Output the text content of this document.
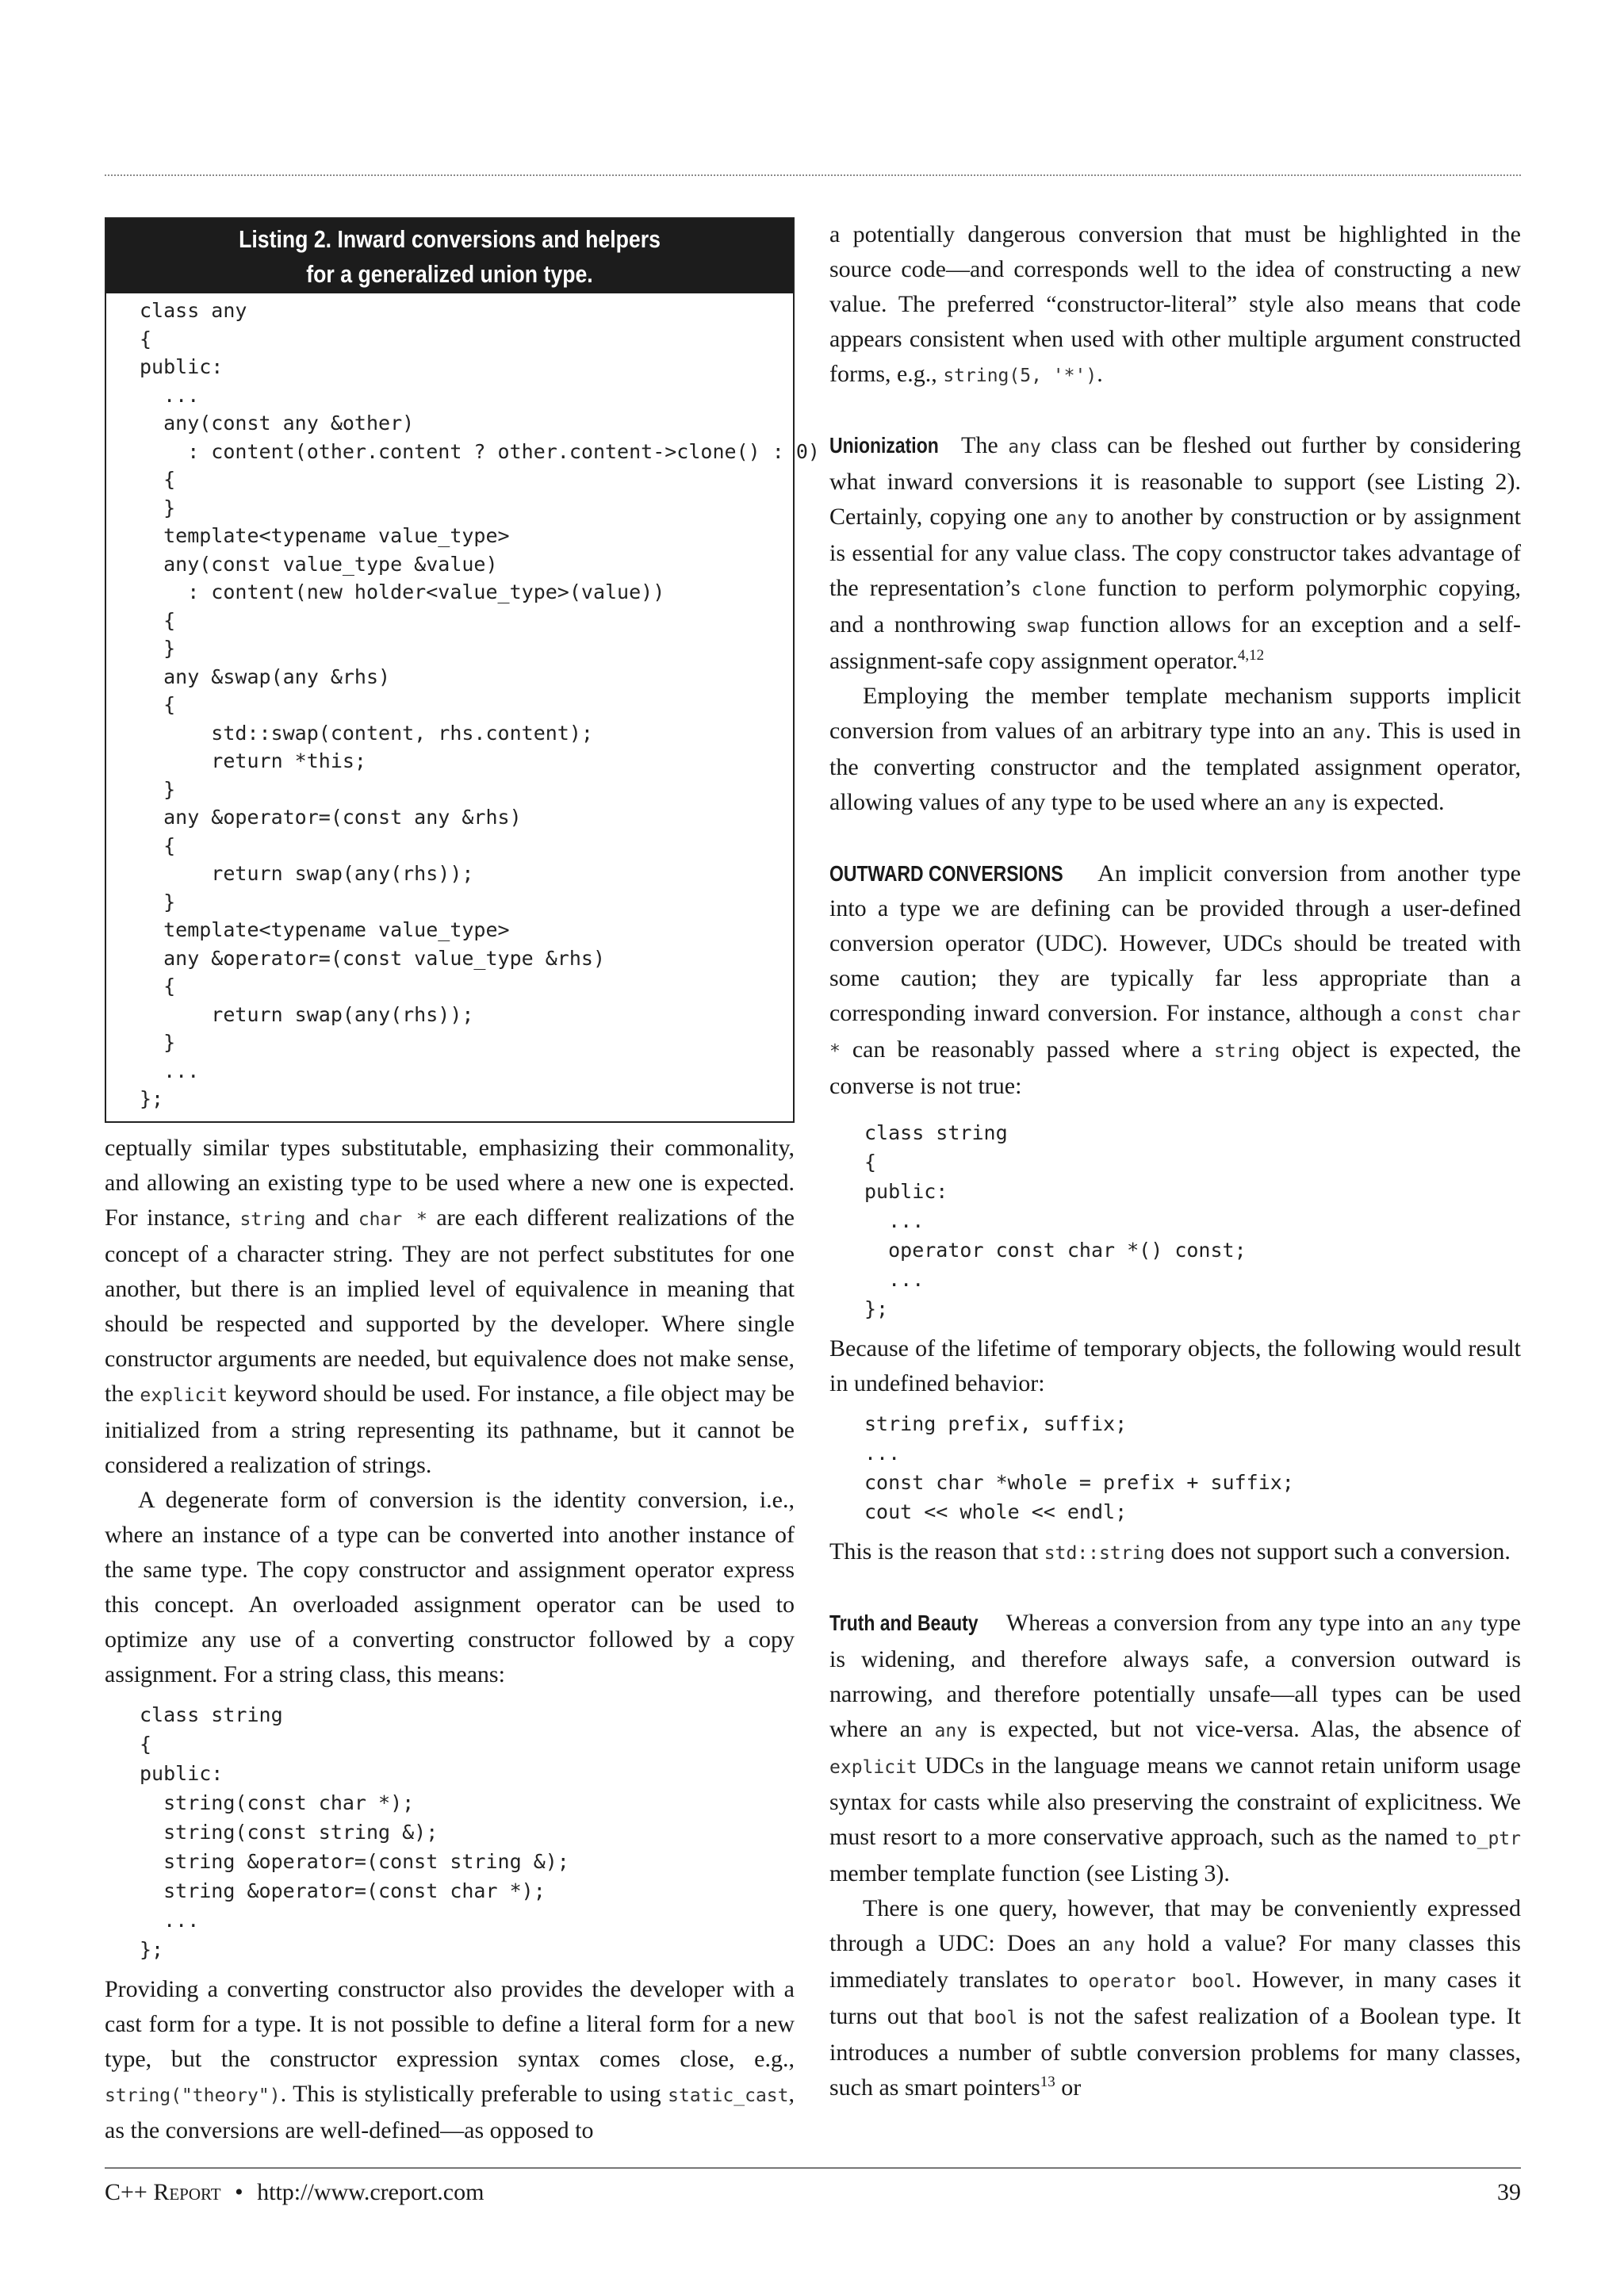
Listing 2. Inward conversions and helpers
for a generalized union type.
class any
{
public:
...
any(const any &other)
: content(other.content ? other.content->clone() : 0)
{
}
template<typename value_type>
any(const value_type &value)
: content(new holder<value_type>(value))
{
}
any &swap(any &rhs)
{
std::swap(content, rhs.content);
return *this;
}
any &operator=(const any &rhs)
{
return swap(any(rhs));
}
template<typename value_type>
any &operator=(const value_type &rhs)
{
return swap(any(rhs));
}
...
};

ceptually similar types substitutable, emphasizing their commonality, and allowing an existing type to be used where a new one is expected. For instance, string and char * are each different realizations of the concept of a character string. They are not perfect substitutes for one another, but there is an implied level of equivalence in meaning that should be respected and supported by the developer. Where single constructor arguments are needed, but equivalence does not make sense, the explicit keyword should be used. For instance, a file object may be initialized from a string representing its pathname, but it cannot be considered a realization of strings.

A degenerate form of conversion is the identity conversion, i.e., where an instance of a type can be converted into another instance of the same type. The copy constructor and assignment operator express this concept. An overloaded assignment operator can be used to optimize any use of a converting constructor followed by a copy assignment. For a string class, this means:

class string
{
public:
string(const char *);
string(const string &);
string &operator=(const string &);
string &operator=(const char *);
...
};

Providing a converting constructor also provides the developer with a cast form for a type. It is not possible to define a literal form for a new type, but the constructor expression syntax comes close, e.g., string("theory"). This is stylistically preferable to using static_cast, as the conversions are well-defined—as opposed to

a potentially dangerous conversion that must be highlighted in the source code—and corresponds well to the idea of constructing a new value. The preferred “constructor-literal” style also means that code appears consistent when used with other multiple argument constructed forms, e.g., string(5, '*').

Unionization The any class can be fleshed out further by considering what inward conversions it is reasonable to support (see Listing 2). Certainly, copying one any to another by construction or by assignment is essential for any value class. The copy constructor takes advantage of the representation’s clone function to perform polymorphic copying, and a nonthrowing swap function allows for an exception and a self-assignment-safe copy assignment operator.$^{4,12}$

Employing the member template mechanism supports implicit conversion from values of an arbitrary type into an any. This is used in the converting constructor and the templated assignment operator, allowing values of any type to be used where an any is expected.

OUTWARD CONVERSIONS An implicit conversion from another type into a type we are defining can be provided through a user-defined conversion operator (UDC). However, UDCs should be treated with some caution; they are typically far less appropriate than a corresponding inward conversion. For instance, although a const char * can be reasonably passed where a string object is expected, the converse is not true:

class string
{
public:
...
operator const char *() const;
...
};

Because of the lifetime of temporary objects, the following would result in undefined behavior:

string prefix, suffix;
...
const char *whole = prefix + suffix;
cout << whole << endl;

This is the reason that std::string does not support such a conversion.

Truth and Beauty Whereas a conversion from any type into an any type is widening, and therefore always safe, a conversion outward is narrowing, and therefore potentially unsafe—all types can be used where an any is expected, but not vice-versa. Alas, the absence of explicit UDCs in the language means we cannot retain uniform usage syntax for casts while also preserving the constraint of explicitness. We must resort to a more conservative approach, such as the named to_ptr member template function (see Listing 3).

There is one query, however, that may be conveniently expressed through a UDC: Does an any hold a value? For many classes this immediately translates to operator bool. However, in many cases it turns out that bool is not the safest realization of a Boolean type. It introduces a number of subtle conversion problems for many classes, such as smart pointers$^{13}$ or

C++ Report • http://www.creport.com	39
